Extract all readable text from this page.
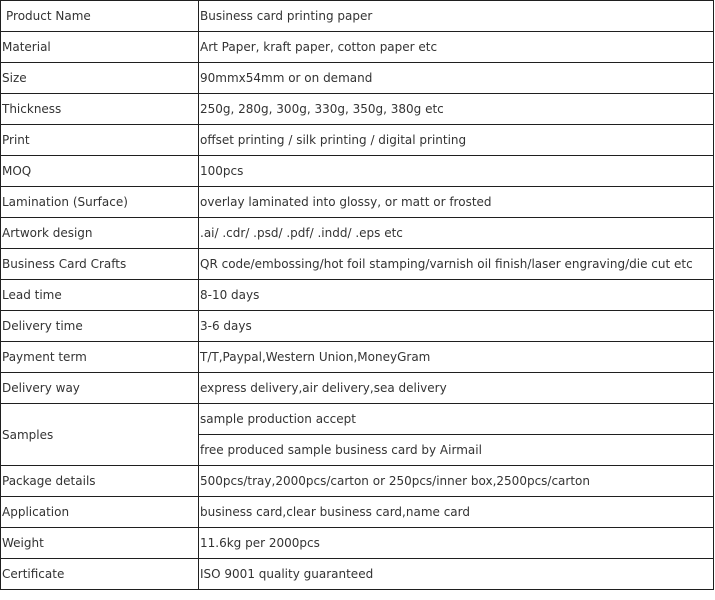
Product Name	Business card printing paper
Material	Art Paper, kraft paper, cotton paper etc
Size	90mmx54mm or on demand
Thickness	250g, 280g, 300g, 330g, 350g, 380g etc
Print	offset printing / silk printing / digital printing
MOQ	100pcs
Lamination (Surface)	overlay laminated into glossy, or matt or frosted
Artwork design	.ai/ .cdr/ .psd/ .pdf/ .indd/ .eps etc
Business Card Crafts	QR code/embossing/hot foil stamping/varnish oil finish/laser engraving/die cut etc
Lead time	8-10 days
Delivery time	3-6 days
Payment term	T/T,Paypal,Western Union,MoneyGram
Delivery way	express delivery,air delivery,sea delivery
Samples	sample production accept
	free produced sample business card by Airmail
Package details	500pcs/tray,2000pcs/carton or 250pcs/inner box,2500pcs/carton
Application	business card,clear business card,name card
Weight	11.6kg per 2000pcs
Certificate	ISO 9001 quality guaranteed
